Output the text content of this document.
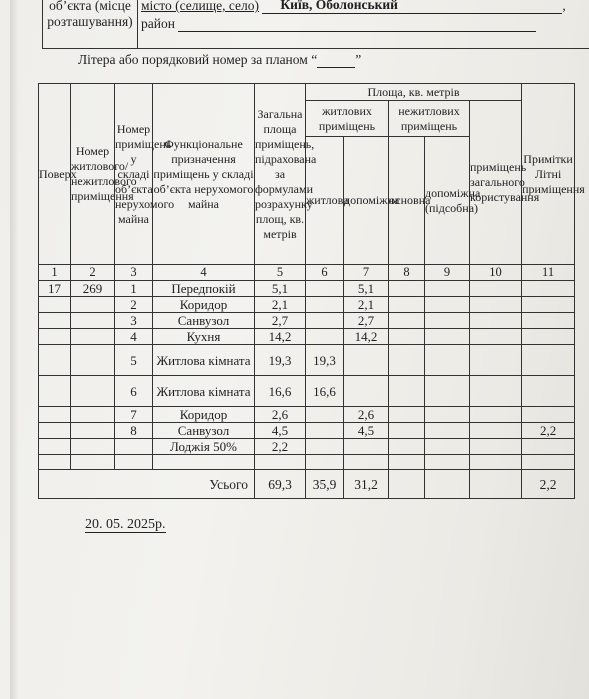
об’єкта (місце розташування)
місто (селище, село) Київ, Оболонський	,
район
Літера або порядковий номер за планом “	”
Поверх	Номер житлового/ нежитлового приміщення	Номер приміщень у складі об’єкта нерухомого майна	Функціональне призначення приміщень у складі об’єкта нерухомого майна	Загальна площа приміщень, підрахована за формулами розрахунку площ, кв. метрів	Площа, кв. метрів					Примітки Літні приміщення
					житлових приміщень		нежитлових приміщень		приміщень загального користування	
					житлова	допоміжна	основна	допоміжна (підсобна)		
1	2	3	4	5	6	7	8	9	10	11
17	269	1	Передпокій	5,1		5,1				
		2	Коридор	2,1		2,1				
		3	Санвузол	2,7		2,7				
		4	Кухня	14,2		14,2				
		5	Житлова кімната	19,3	19,3					
		6	Житлова кімната	16,6	16,6					
		7	Коридор	2,6		2,6				
		8	Санвузол	4,5		4,5				2,2
			Лоджія 50%	2,2						

Усього				69,3	35,9	31,2				2,2
20. 05. 2025р.
